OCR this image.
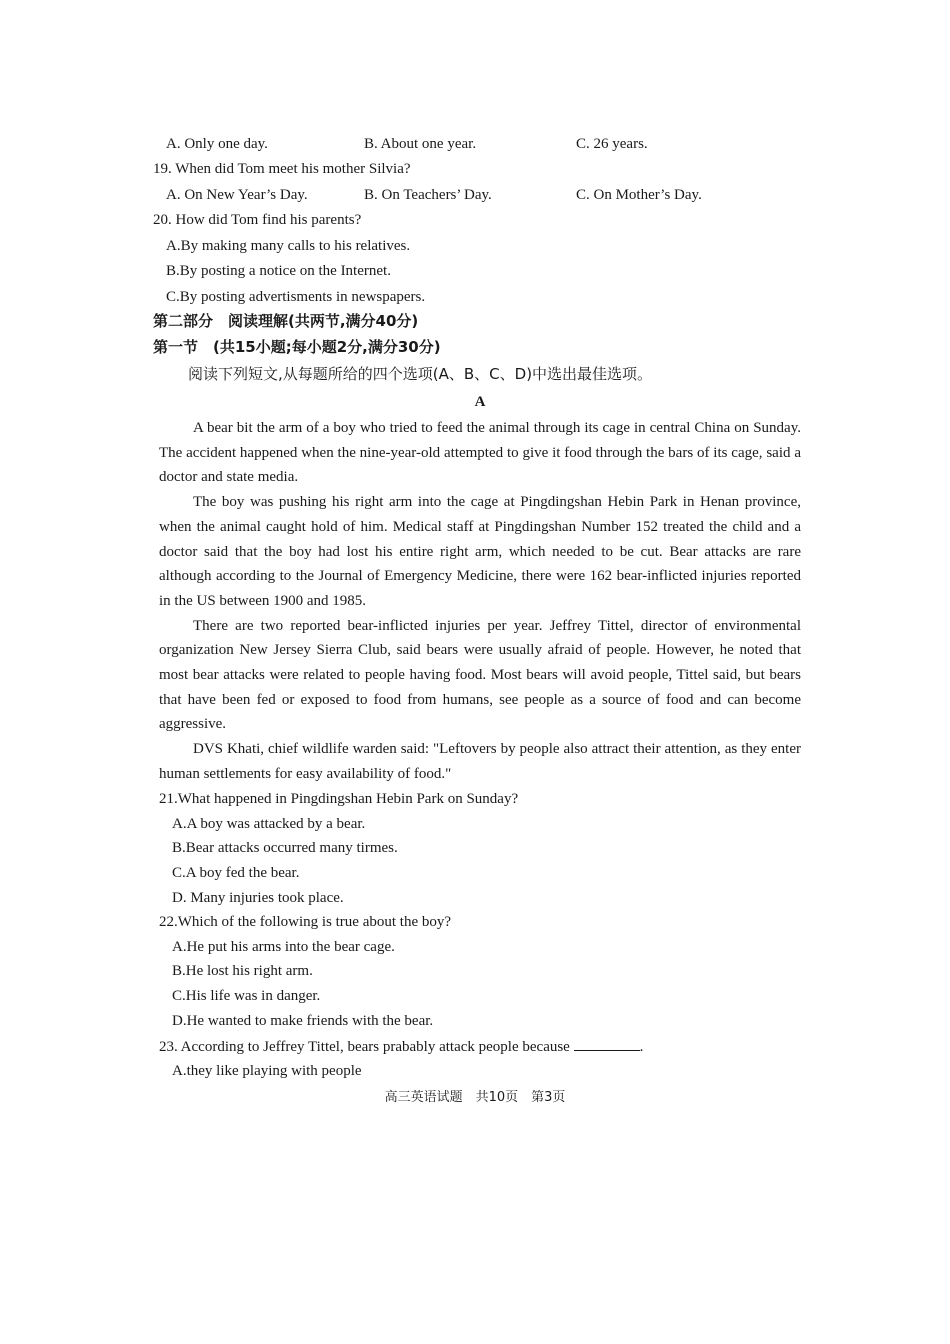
A. Only one day.	B. About one year.	C. 26 years.
19. When did Tom meet his mother Silvia?
A. On New Year’s Day.	B. On Teachers’ Day.	C. On Mother’s Day.
20. How did Tom find his parents?
A.By making many calls to his relatives.
B.By posting a notice on the Internet.
C.By posting advertisments in newspapers.
第二部分　阅读理解(共两节,满分40分)
第一节　(共15小题;每小题2分,满分30分)
阅读下列短文,从每题所给的四个选项(A、B、C、D)中选出最佳选项。
A

A bear bit the arm of a boy who tried to feed the animal through its cage in central China on Sunday. The accident happened when the nine-year-old attempted to give it food through the bars of its cage, said a doctor and state media.

The boy was pushing his right arm into the cage at Pingdingshan Hebin Park in Henan province, when the animal caught hold of him. Medical staff at Pingdingshan Number 152 treated the child and a doctor said that the boy had lost his entire right arm, which needed to be cut. Bear attacks are rare although according to the Journal of Emergency Medicine, there were 162 bear-inflicted injuries reported in the US between 1900 and 1985.

There are two reported bear-inflicted injuries per year. Jeffrey Tittel, director of environmental organization New Jersey Sierra Club, said bears were usually afraid of people. However, he noted that most bear attacks were related to people having food. Most bears will avoid people, Tittel said, but bears that have been fed or exposed to food from humans, see people as a source of food and can become aggressive.

DVS Khati, chief wildlife warden said: "Leftovers by people also attract their attention, as they enter human settlements for easy availability of food."

21.What happened in Pingdingshan Hebin Park on Sunday?
A.A boy was attacked by a bear.
B.Bear attacks occurred many tirmes.
C.A boy fed the bear.
D. Many injuries took place.
22.Which of the following is true about the boy?
A.He put his arms into the bear cage.
B.He lost his right arm.
C.His life was in danger.
D.He wanted to make friends with the bear.
23. According to Jeffrey Tittel, bears prabably attack people because	.
A.they like playing with people
高三英语试题　共10页　第3页
